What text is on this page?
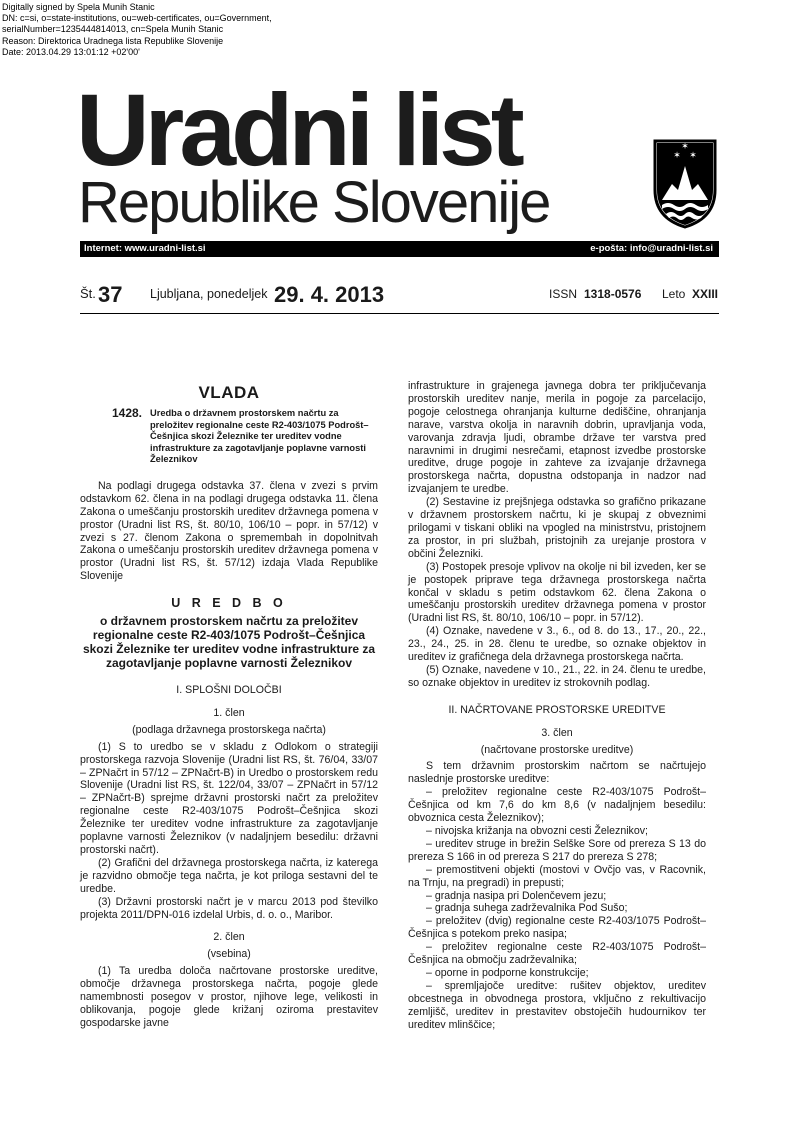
Digitally signed by Spela Munih Stanic
DN: c=si, o=state-institutions, ou=web-certificates, ou=Government,
serialNumber=1235444814013, cn=Spela Munih Stanic
Reason: Direktorica Uradnega lista Republike Slovenije
Date: 2013.04.29 13:01:12 +02'00'
Uradni list
Republike Slovenije
✶ ✶
✶
Internet: www.uradni-list.si	e-pošta: info@uradni-list.si
Št. 37 Ljubljana, ponedeljek 29. 4. 2013	ISSN 1318-0576 Leto XXIII
VLADA
1428. Uredba o državnem prostorskem načrtu za preložitev regionalne ceste R2-403/1075 Podrošt–Češnjica skozi Železnike ter ureditev vodne infrastrukture za zagotavljanje poplavne varnosti Železnikov

Na podlagi drugega odstavka 37. člena v zvezi s prvim odstavkom 62. člena in na podlagi drugega odstavka 11. člena Zakona o umeščanju prostorskih ureditev državnega pomena v prostor (Uradni list RS, št. 80/10, 106/10 – popr. in 57/12) v zvezi s 27. členom Zakona o spremembah in dopolnitvah Zakona o umeščanju prostorskih ureditev državnega pomena v prostor (Uradni list RS, št. 57/12) izdaja Vlada Republike Slovenije

U R E D B O
o državnem prostorskem načrtu za preložitev regionalne ceste R2-403/1075 Podrošt–Češnjica skozi Železnike ter ureditev vodne infrastrukture za zagotavljanje poplavne varnosti Železnikov
I. SPLOŠNI DOLOČBI
1. člen
(podlaga državnega prostorskega načrta)

(1) S to uredbo se v skladu z Odlokom o strategiji prostorskega razvoja Slovenije (Uradni list RS, št. 76/04, 33/07 – ZPNačrt in 57/12 – ZPNačrt-B) in Uredbo o prostorskem redu Slovenije (Uradni list RS, št. 122/04, 33/07 – ZPNačrt in 57/12 – ZPNačrt-B) sprejme državni prostorski načrt za preložitev regionalne ceste R2-403/1075 Podrošt–Češnjica skozi Železnike ter ureditev vodne infrastrukture za zagotavljanje poplavne varnosti Železnikov (v nadaljnjem besedilu: državni prostorski načrt).

(2) Grafični del državnega prostorskega načrta, iz katerega je razvidno območje tega načrta, je kot priloga sestavni del te uredbe.

(3) Državni prostorski načrt je v marcu 2013 pod številko projekta 2011/DPN-016 izdelal Urbis, d. o. o., Maribor.

2. člen
(vsebina)

(1) Ta uredba določa načrtovane prostorske ureditve, območje državnega prostorskega načrta, pogoje glede namembnosti posegov v prostor, njihove lege, velikosti in oblikovanja, pogoje glede križanj oziroma prestavitev gospodarske javne

infrastrukture in grajenega javnega dobra ter priključevanja prostorskih ureditev nanje, merila in pogoje za parcelacijo, pogoje celostnega ohranjanja kulturne dediščine, ohranjanja narave, varstva okolja in naravnih dobrin, upravljanja voda, varovanja zdravja ljudi, obrambe države ter varstva pred naravnimi in drugimi nesrečami, etapnost izvedbe prostorske ureditve, druge pogoje in zahteve za izvajanje državnega prostorskega načrta, dopustna odstopanja in nadzor nad izvajanjem te uredbe.

(2) Sestavine iz prejšnjega odstavka so grafično prikazane v državnem prostorskem načrtu, ki je skupaj z obveznimi prilogami v tiskani obliki na vpogled na ministrstvu, pristojnem za prostor, in pri službah, pristojnih za urejanje prostora v občini Železniki.

(3) Postopek presoje vplivov na okolje ni bil izveden, ker se je postopek priprave tega državnega prostorskega načrta končal v skladu s petim odstavkom 62. člena Zakona o umeščanju prostorskih ureditev državnega pomena v prostor (Uradni list RS, št. 80/10, 106/10 – popr. in 57/12).

(4) Oznake, navedene v 3., 6., od 8. do 13., 17., 20., 22., 23., 24., 25. in 28. členu te uredbe, so oznake objektov in ureditev iz grafičnega dela državnega prostorskega načrta.

(5) Oznake, navedene v 10., 21., 22. in 24. členu te uredbe, so oznake objektov in ureditev iz strokovnih podlag.

II. NAČRTOVANE PROSTORSKE UREDITVE
3. člen
(načrtovane prostorske ureditve)

S tem državnim prostorskim načrtom se načrtujejo naslednje prostorske ureditve:

– preložitev regionalne ceste R2-403/1075 Podrošt–Češnjica od km 7,6 do km 8,6 (v nadaljnjem besedilu: obvoznica cesta Železnikov);

– nivojska križanja na obvozni cesti Železnikov;

– ureditev struge in brežin Selške Sore od prereza S 13 do prereza S 166 in od prereza S 217 do prereza S 278;

– premostitveni objekti (mostovi v Ovčjo vas, v Racovnik, na Trnju, na pregradi) in prepusti;

– gradnja nasipa pri Dolenčevem jezu;

– gradnja suhega zadrževalnika Pod Sušo;

– preložitev (dvig) regionalne ceste R2-403/1075 Podrošt–Češnjica s potekom preko nasipa;

– preložitev regionalne ceste R2-403/1075 Podrošt–Češnjica na območju zadrževalnika;

– oporne in podporne konstrukcije;

– spremljajoče ureditve: rušitev objektov, ureditev obcestnega in obvodnega prostora, vključno z rekultivacijo zemljišč, ureditev in prestavitev obstoječih hudournikov ter ureditev mlinščice;
